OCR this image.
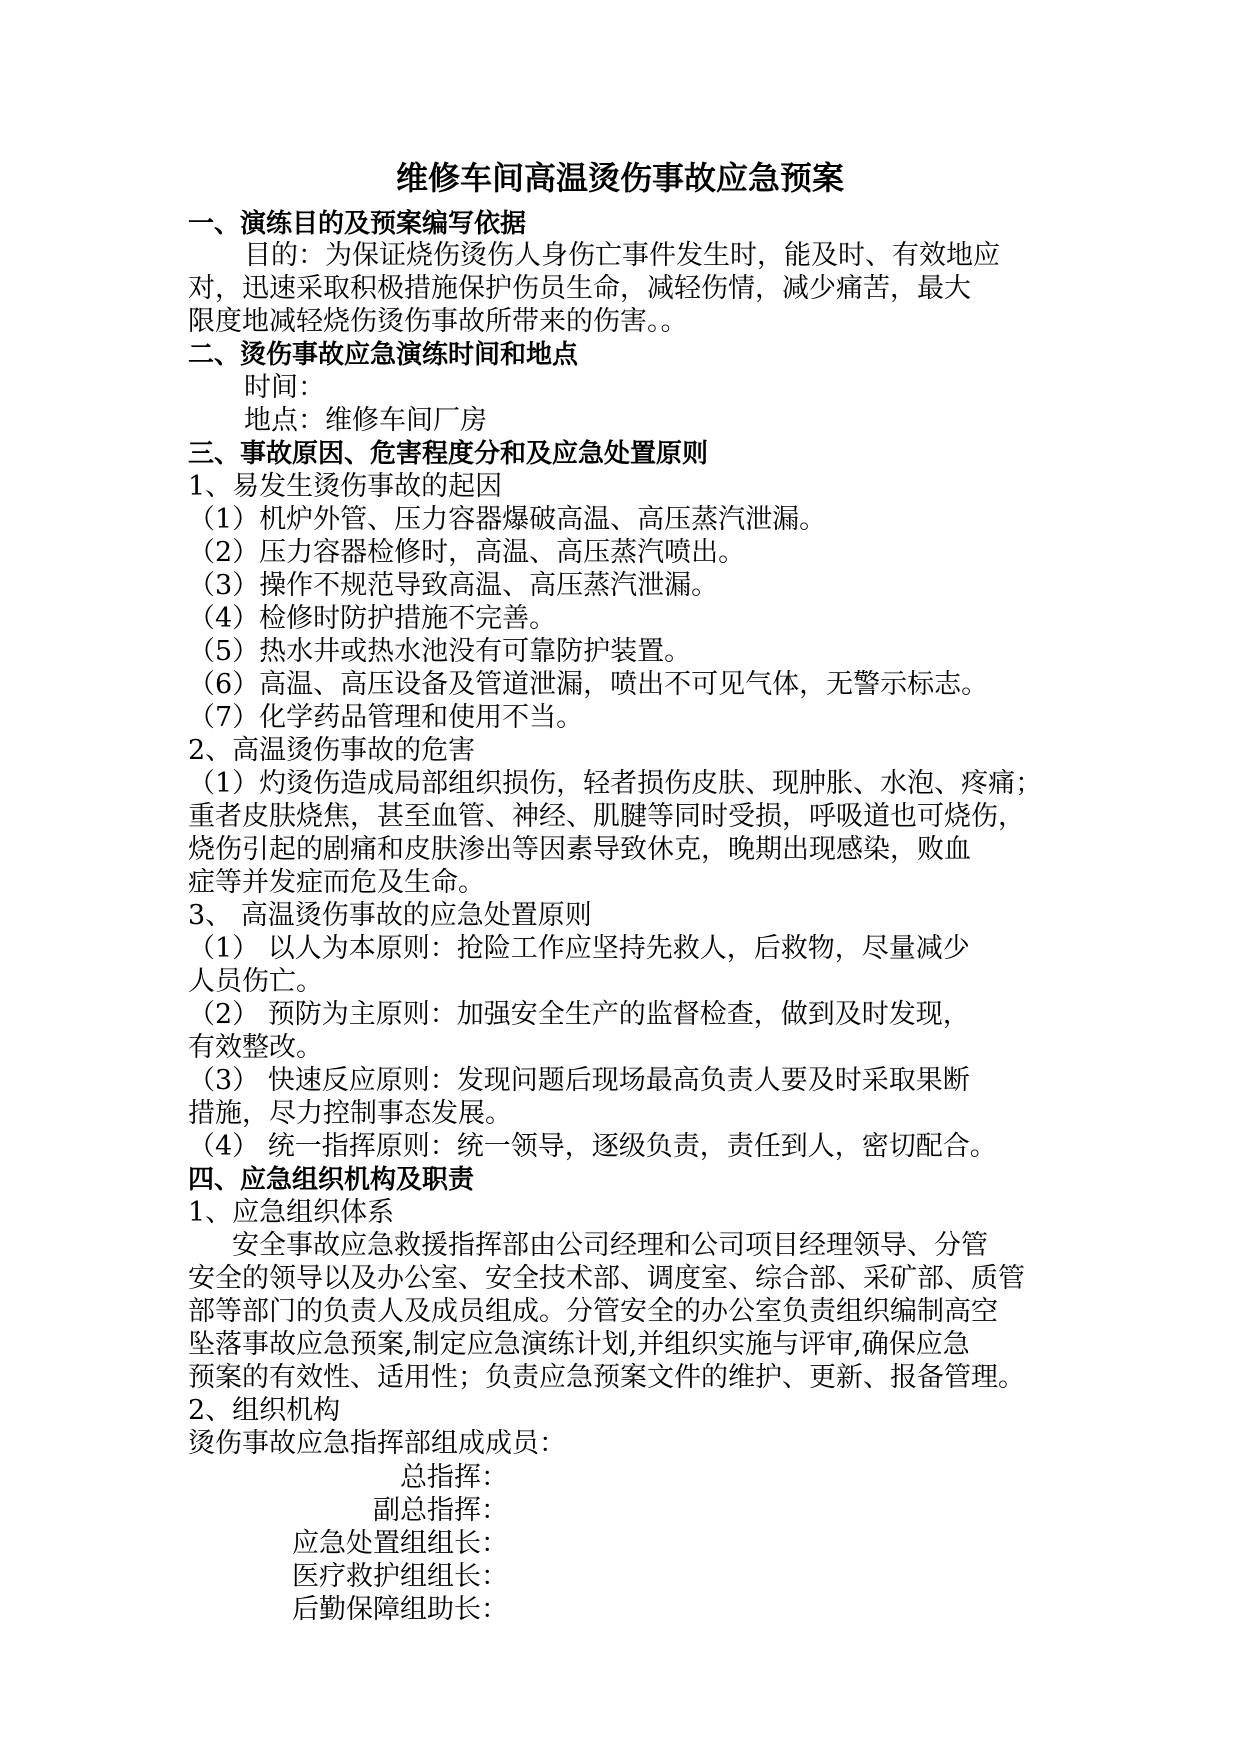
维修车间高温烫伤事故应急预案
一、演练目的及预案编写依据
目的：为保证烧伤烫伤人身伤亡事件发生时，能及时、有效地应
对，迅速采取积极措施保护伤员生命，减轻伤情，减少痛苦，最大
限度地减轻烧伤烫伤事故所带来的伤害。。
二、烫伤事故应急演练时间和地点
时间：
地点：维修车间厂房
三、事故原因、危害程度分和及应急处置原则
1、易发生烫伤事故的起因
（1）机炉外管、压力容器爆破高温、高压蒸汽泄漏。
（2）压力容器检修时，高温、高压蒸汽喷出。
（3）操作不规范导致高温、高压蒸汽泄漏。
（4）检修时防护措施不完善。
（5）热水井或热水池没有可靠防护装置。
（6）高温、高压设备及管道泄漏，喷出不可见气体，无警示标志。
（7）化学药品管理和使用不当。
2、高温烫伤事故的危害
（1）灼烫伤造成局部组织损伤，轻者损伤皮肤、现肿胀、水泡、疼痛；
重者皮肤烧焦，甚至血管、神经、肌腱等同时受损，呼吸道也可烧伤，
烧伤引起的剧痛和皮肤渗出等因素导致休克，晚期出现感染，败血
症等并发症而危及生命。
3、 高温烫伤事故的应急处置原则
（1） 以人为本原则：抢险工作应坚持先救人，后救物，尽量减少
人员伤亡。
（2） 预防为主原则：加强安全生产的监督检查，做到及时发现，
有效整改。
（3） 快速反应原则：发现问题后现场最高负责人要及时采取果断
措施，尽力控制事态发展。
（4） 统一指挥原则：统一领导，逐级负责，责任到人，密切配合。
四、应急组织机构及职责
1、应急组织体系
安全事故应急救援指挥部由公司经理和公司项目经理领导、分管
安全的领导以及办公室、安全技术部、调度室、综合部、采矿部、质管
部等部门的负责人及成员组成。分管安全的办公室负责组织编制高空
坠落事故应急预案,制定应急演练计划,并组织实施与评审,确保应急
预案的有效性、适用性；负责应急预案文件的维护、更新、报备管理。
2、组织机构
烫伤事故应急指挥部组成成员：
总指挥：
副总指挥：
应急处置组组长：
医疗救护组组长：
后勤保障组助长：
